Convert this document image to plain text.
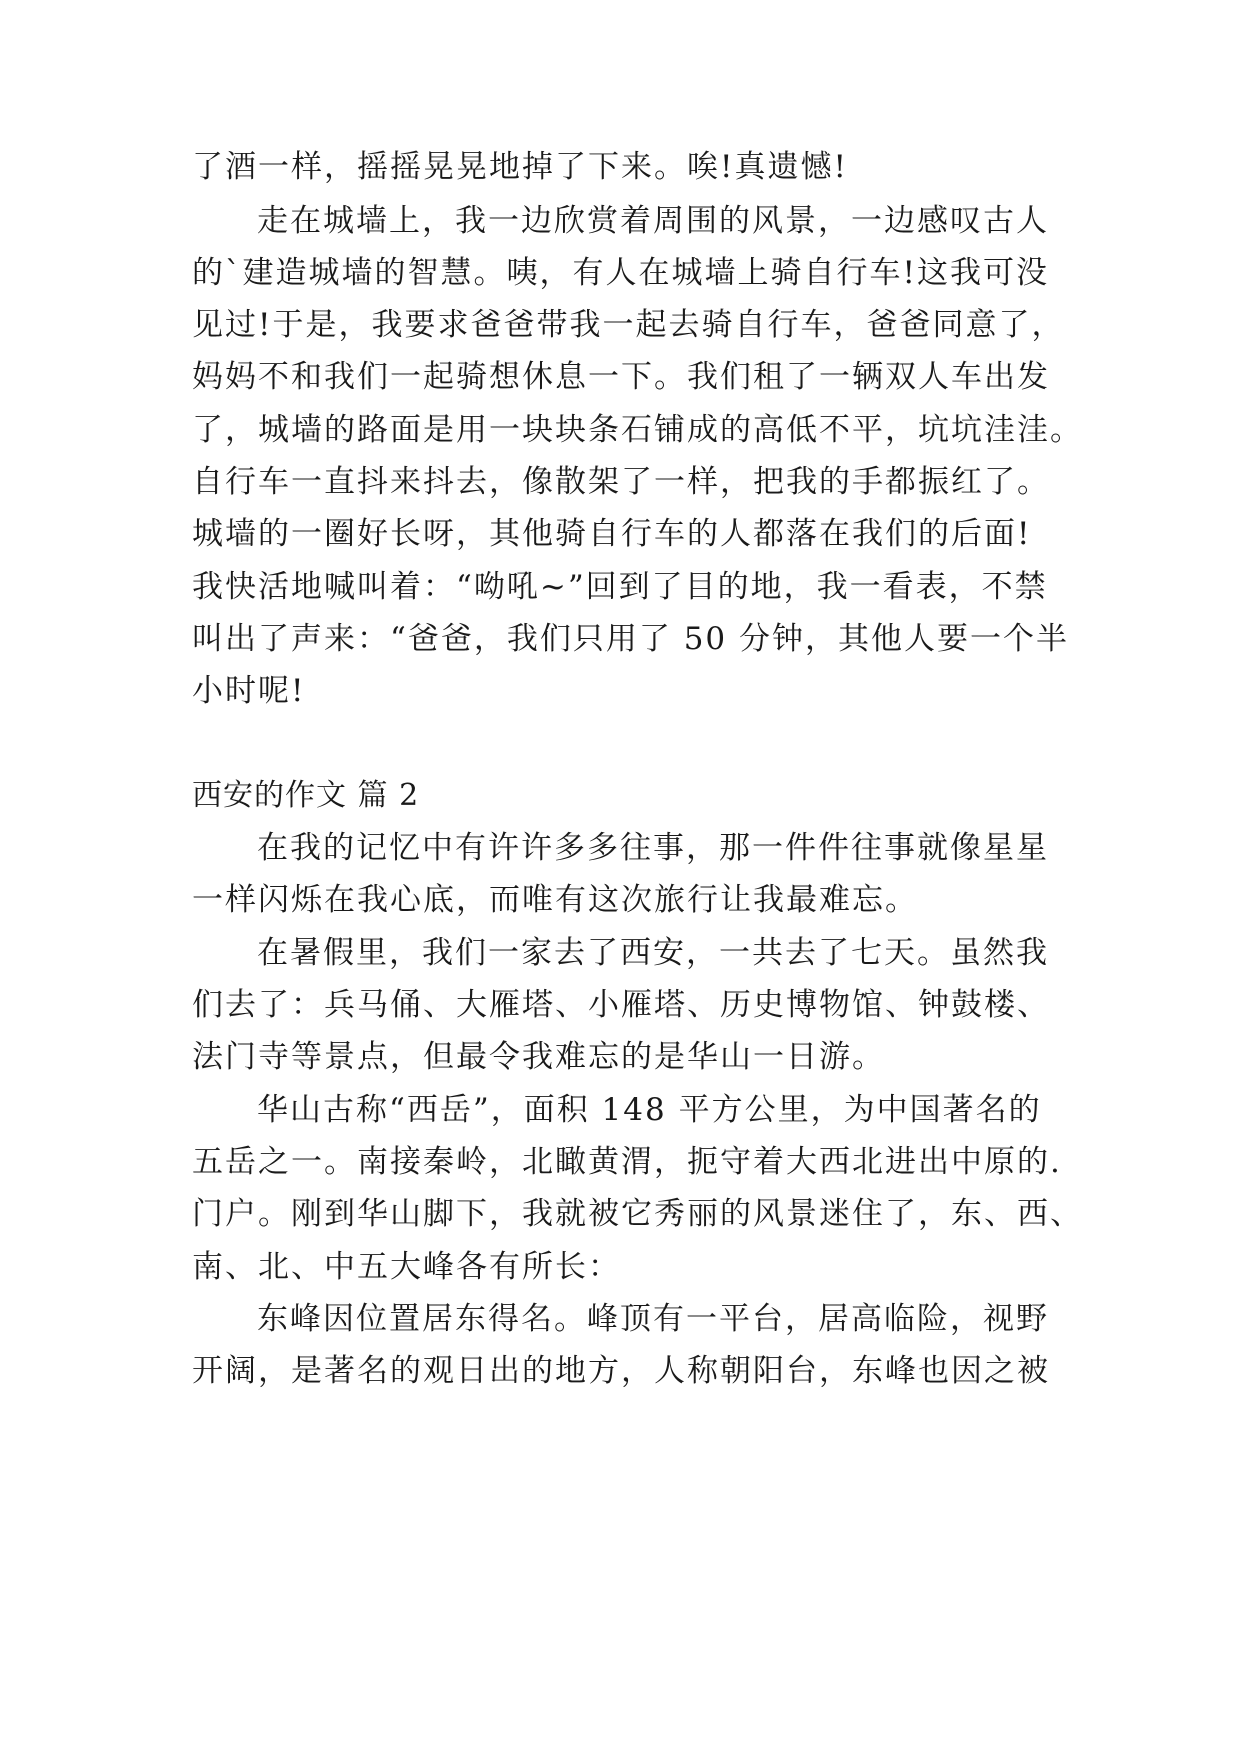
了酒一样，摇摇晃晃地掉了下来。唉!真遗憾!
走在城墙上，我一边欣赏着周围的风景，一边感叹古人
的`建造城墙的智慧。咦，有人在城墙上骑自行车!这我可没
见过!于是，我要求爸爸带我一起去骑自行车，爸爸同意了，
妈妈不和我们一起骑想休息一下。我们租了一辆双人车出发
了，城墙的路面是用一块块条石铺成的高低不平，坑坑洼洼。
自行车一直抖来抖去，像散架了一样，把我的手都振红了。
城墙的一圈好长呀，其他骑自行车的人都落在我们的后面!
我快活地喊叫着：“呦吼~”回到了目的地，我一看表，不禁
叫出了声来：“爸爸，我们只用了 50 分钟，其他人要一个半
小时呢!
西安的作文 篇 2
在我的记忆中有许许多多往事，那一件件往事就像星星
一样闪烁在我心底，而唯有这次旅行让我最难忘。
在暑假里，我们一家去了西安，一共去了七天。虽然我
们去了：兵马俑、大雁塔、小雁塔、历史博物馆、钟鼓楼、
法门寺等景点，但最令我难忘的是华山一日游。
华山古称“西岳”，面积 148 平方公里，为中国著名的
五岳之一。南接秦岭，北瞰黄渭，扼守着大西北进出中原的.
门户。刚到华山脚下，我就被它秀丽的风景迷住了，东、西、
南、北、中五大峰各有所长：
东峰因位置居东得名。峰顶有一平台，居高临险，视野
开阔，是著名的观日出的地方，人称朝阳台，东峰也因之被
